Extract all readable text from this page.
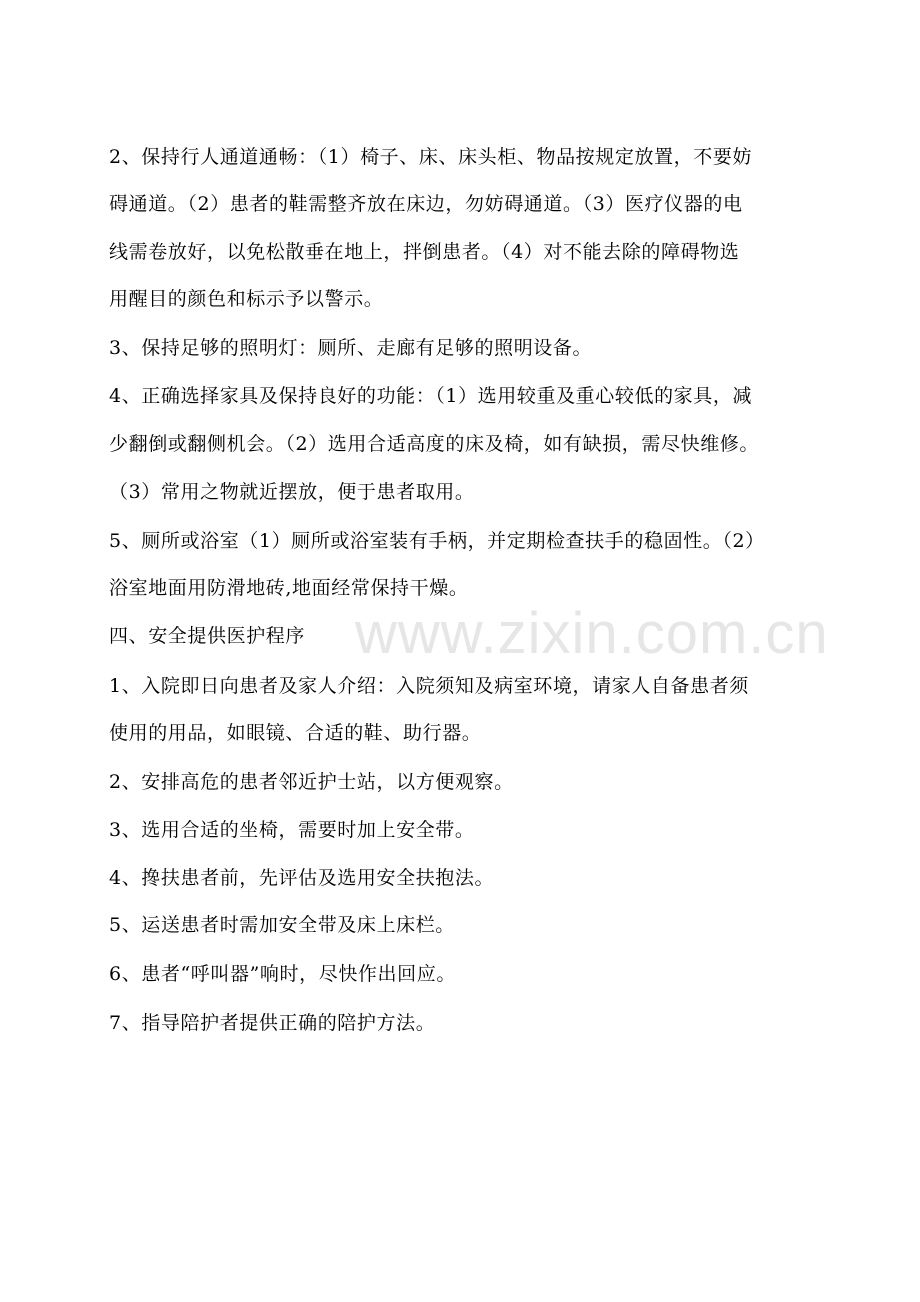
www.zixin.com.cn
2、保持行人通道通畅：（1）椅子、床、床头柜、物品按规定放置，不要妨
碍通道。（2）患者的鞋需整齐放在床边，勿妨碍通道。（3）医疗仪器的电
线需卷放好，以免松散垂在地上，拌倒患者。（4）对不能去除的障碍物选
用醒目的颜色和标示予以警示。
3、保持足够的照明灯：厕所、走廊有足够的照明设备。
4、正确选择家具及保持良好的功能：（1）选用较重及重心较低的家具，减
少翻倒或翻侧机会。（2）选用合适高度的床及椅，如有缺损，需尽快维修。
（3）常用之物就近摆放，便于患者取用。
5、厕所或浴室（1）厕所或浴室装有手柄，并定期检查扶手的稳固性。（2）
浴室地面用防滑地砖,地面经常保持干燥。
四、安全提供医护程序
1、入院即日向患者及家人介绍：入院须知及病室环境，请家人自备患者须
使用的用品，如眼镜、合适的鞋、助行器。
2、安排高危的患者邻近护士站，以方便观察。
3、选用合适的坐椅，需要时加上安全带。
4、搀扶患者前，先评估及选用安全扶抱法。
5、运送患者时需加安全带及床上床栏。
6、患者“呼叫器”响时，尽快作出回应。
7、指导陪护者提供正确的陪护方法。
